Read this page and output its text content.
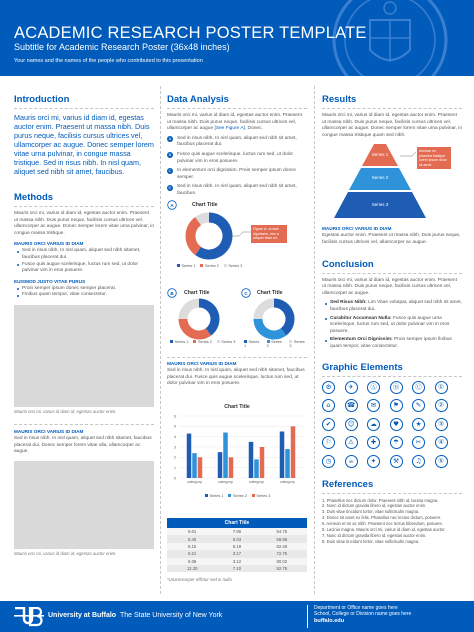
ACADEMIC RESEARCH POSTER TEMPLATE
Subtitle for Academic Research Poster (36x48 inches)
Your names and the names of the people who contributed to this presentation
Introduction

Mauris orci mi, varius id diam id, egestas auctor enim. Praesent ut massa nibh. Duis purus neque, facilisis cursus ultrices vel, ullamcorper ac augue. Donec semper lorem vitae urna pulvinar, in congue massa tristique. Sed in risus nibh. In nisl quam, aliquet sed nibh sit amet, faucibus.

Methods

Mauris orci mi, varius id diam id, egestas auctor enim. Praesent ut massa nibh. Duis purus neque, facilisis cursus ultrices vel, ullamcorper ac augue. Donec semper lorem vitae urna pulvinar, in congue massa tristique.

MAURIS ORCI VARIUS ID DIAM
Sed in risus nibh. In nisl quam, aliquet sed nibh sitamet, faucibus placerat dui.
Fusce quis augue scelerisque, luctus rum sed, ut dolor pulvinar vim in eros posuere.
EUISMOD JUSTO VITAE PURUS
Proin semper ipsum donec semper placerat.
Finibus quam tempor, vitae consectetur.
Mauris orci mi, varius id diam id, egestas auctor enim.
MAURIS ORCI VARIUS ID DIAM

Sed in risus nibh. In nisl quam, aliquet sed nibh sitamet, faucibus placerat dui. Donec semper lorem vitae ulla, ullamcorper ac augue.

Mauris orci mi, varius id diam id, egestas auctor enim.
Data Analysis

Mauris orci mi, varius id diam id, egestas auctor enim. Praesent ut massa nibh. Duis purus neque, facilisis cursus ultrices vel, ullamcorper ac augue [See Figure A]. Donec.

A	Sed in risus nibh. In nisl quam, aliquet sed nibh sit amet, faucibus placerat dui.
B	Fusce quis augue scelerisque, luctus rum sed, ut dolor pulvinar vim in eros posuere.
C	In elementum orci dignissim. Proin semper ipsum donec semper.
D	Sed in risus nibh. In nisl quam, aliquet sed nibh sit amet, faucibus.
A	Chart Title
Figure A: ornare dignissim, nec a aliquet vitae mi.
Series 1	Series 2	Series 3
B	Chart Title
Series 1	Series 2	Series 3
C	Chart Title
Series 1
Series 2
Series 3
MAURIS ORCI VARIUS ID DIAM

Sed in risus nibh. In nisl quam, aliquet sed nibh sitamet, faucibus placerat dui. Fusce quis augue scelerisque, luctus rum sed, ut dolor pulvinar vim in eros posuere.

Chart Title
0
1
2
3
4
5
6
category	category	category	category
Series 1	Series 2	Series 3
Chart Title		
8.01	7.86	54.75
6.40	5.03	58.98
8.15	8.19	62.48
6.21	3.17	72.75
6.08	3.12	80.02
12.30	7.10	92.75
*Unanmcorper effictur sed in nulla
Results

Mauris orci mi, varius id diam id, egestas auctor enim. Praesent ut massa nibh. Duis purus neque, facilisis cursus ultrices vel, ullamcorper ac augue. Donec semper lorem vitae urna pulvinar, in congue massa tristique quam sed nibh.

Series 1
Series 2
Series 3
Aenean mi pharetra tristique lorem ipsum dolor sit amet.
MAURIS ORCI VARIUS ID DIAM

Egestas auctor enim. Praesent ut massa nibh. Duis purus neque, facilisis cursus ultrices vel, ullamcorper ac augue.

Conclusion

Mauris orci mi, varius id diam id, egestas auctor enim. Praesent ut massa nibh. Duis purus neque, facilisis cursus ultrices vel, ullamcorper ac augue.

Sed Risus Nibh: Lim Vitae volutpat, aliquet sed nibh sit amet, faucibus placerat dui.
Curabitur Accumsan Nulla: Fusce quis augue urna scelerisque, luctus rum sed, ut dolor pulvinar vim in eros posuere.
Elementum Orci Dignissim: Proin semper ipsum finibus quam tempor, vitae consectetur.
Graphic Elements
⚙	✈	Ⓐ	Ⓑ	Ⓒ	①
⌂	☎	✉	⚑	✎	②
✔	☺	☁	♥	★	③
⚐	⚠	✚	☂	✂	④
◷	☕	✦	⚒	♫	⑤
References
1. Phasellus nec dictum dolor. Praesent nibh id, lacinia magna.
2. Nunc id dictum gravida libero id, egestas auctor enim.
3. Duis vitae tincidunt tortor, vitae sollicitudin magna.
4. Donec sit amet ex felis. Phasellus nec lectus dictum, posuere.
5. Aenean et mi ac nibh. Praesent nec lectus bibendum, posuere.
6. Lacinia magna. Mauris orci mi, varius id diam id, egestas auctor.
7. Nunc id dictum gravida libero id, egestas auctor enim.
8. Duis vitae tincidunt tortor, vitae sollicitudin magna.
University at Buffalo The State University of New York
Department or Office name goes here
School, College or Division name goes here
buffalo.edu
